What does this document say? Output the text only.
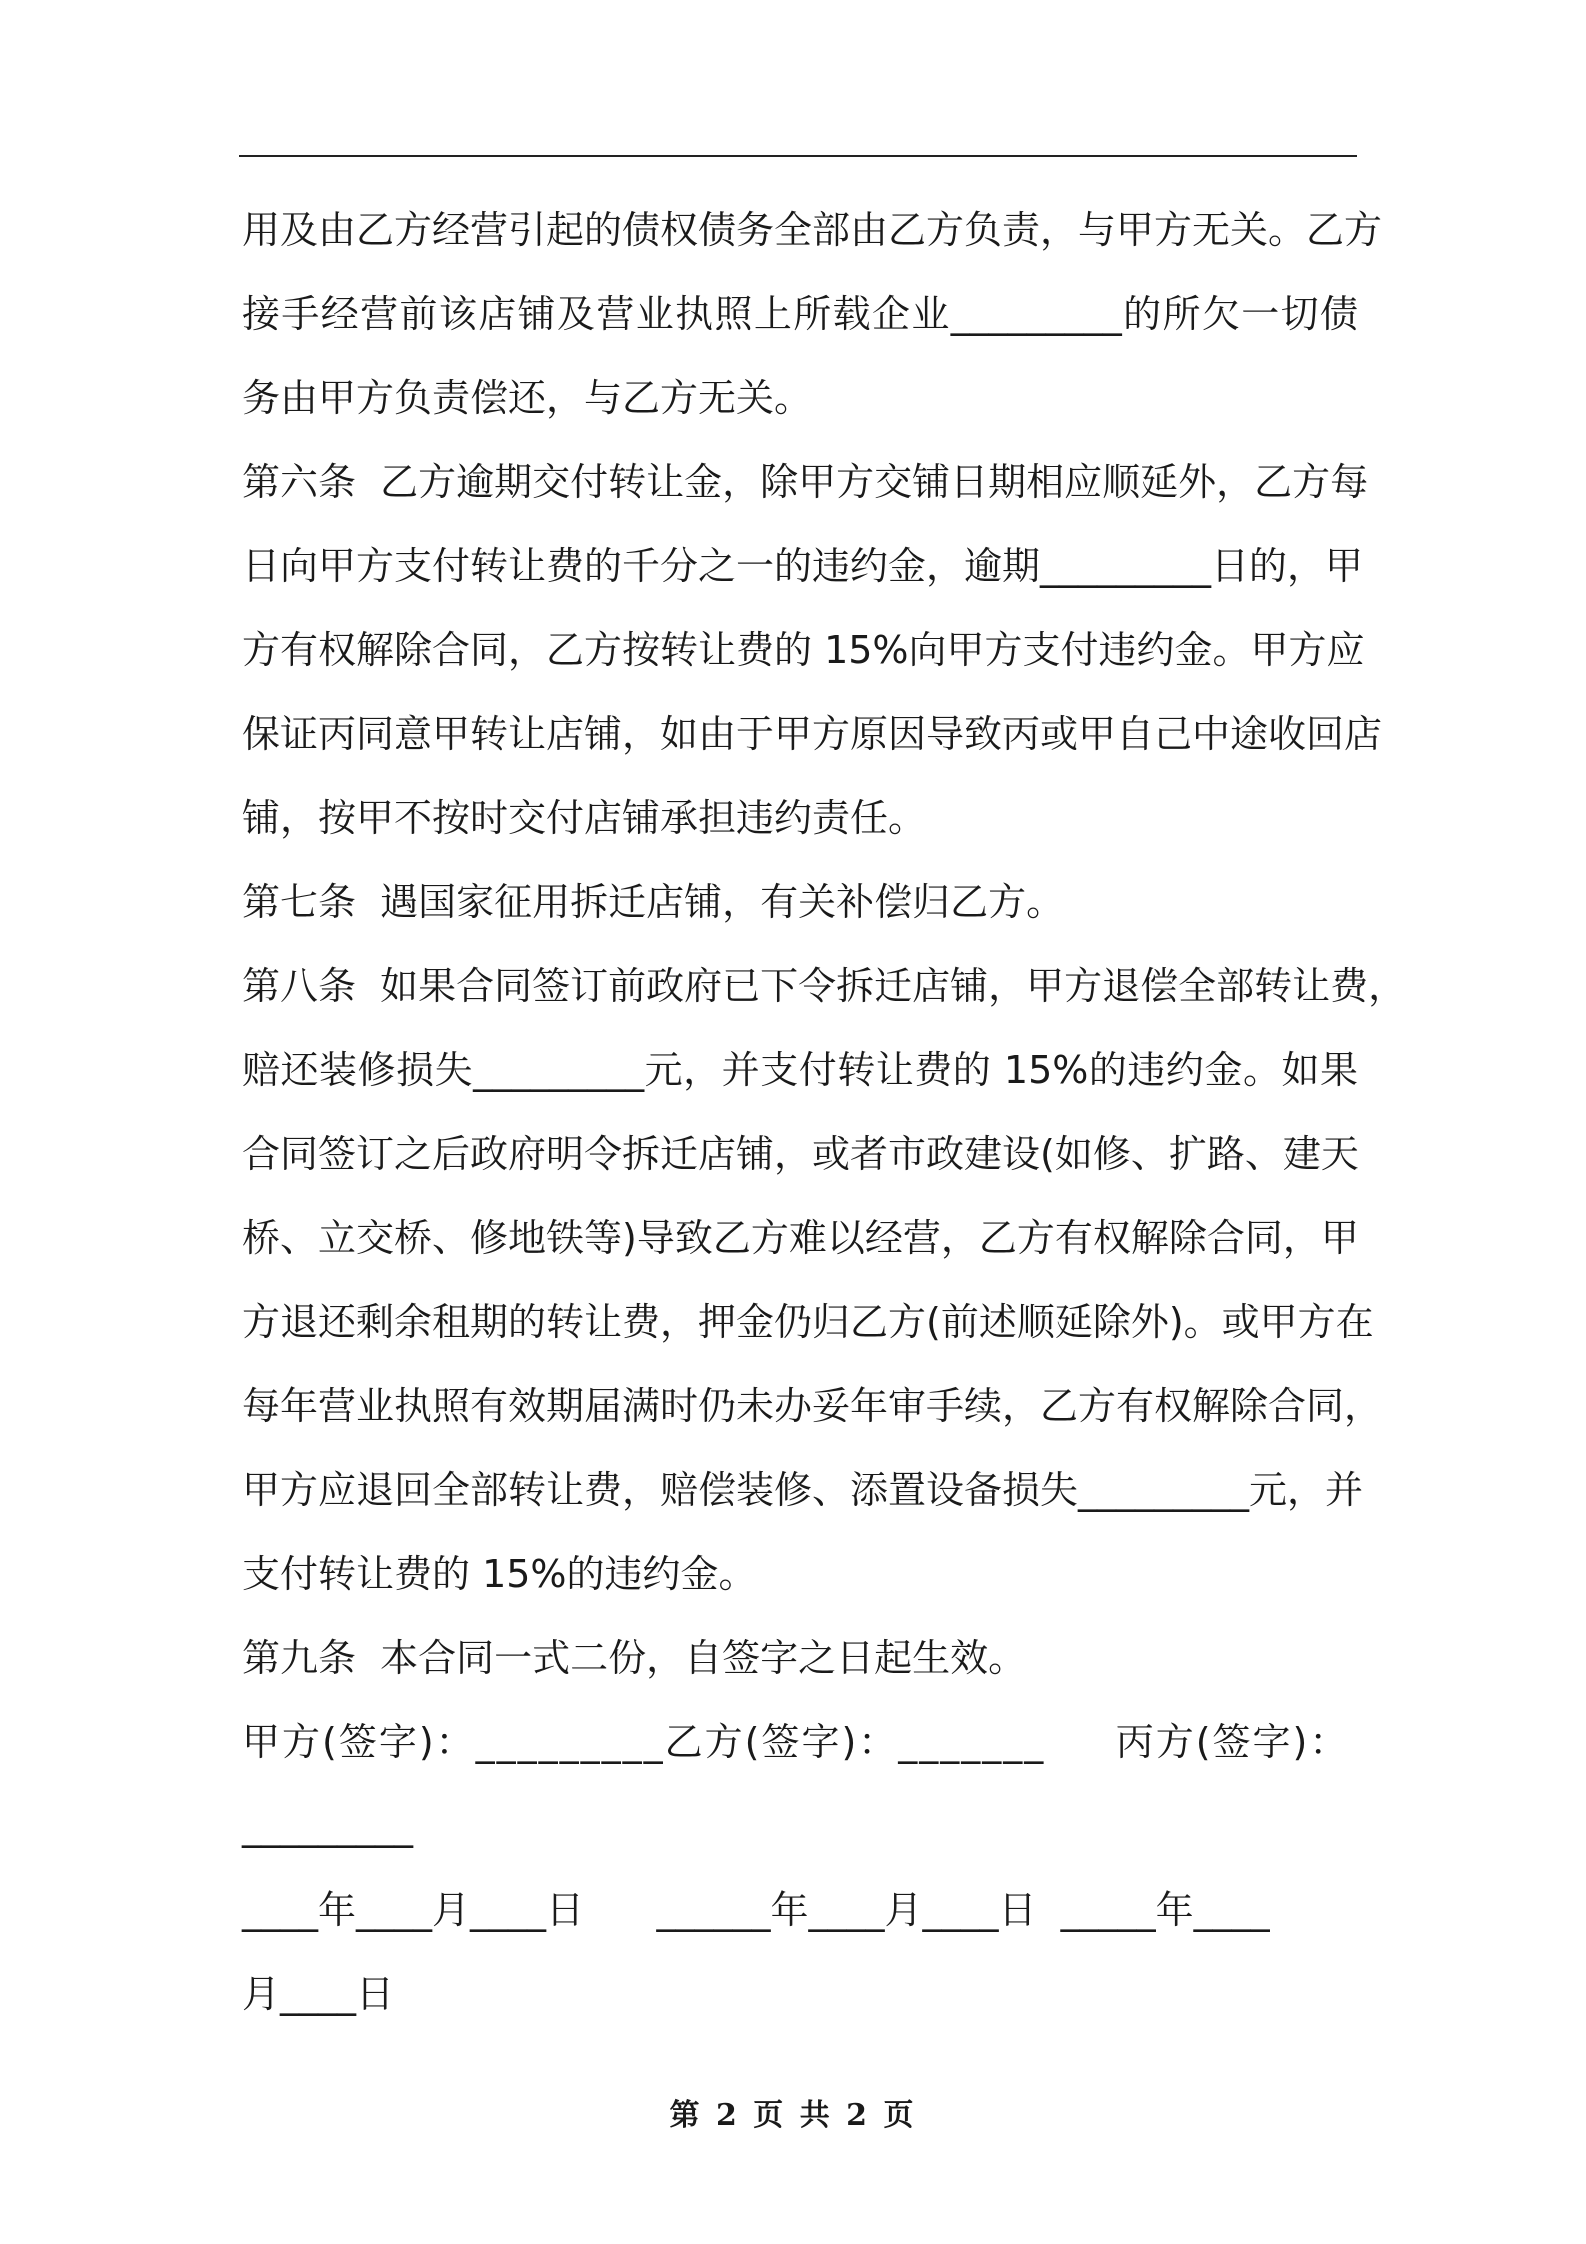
用及由乙方经营引起的债权债务全部由乙方负责，与甲方无关。乙方
接手经营前该店铺及营业执照上所载企业_________的所欠一切债
务由甲方负责偿还，与乙方无关。
第六条  乙方逾期交付转让金，除甲方交铺日期相应顺延外，乙方每
日向甲方支付转让费的千分之一的违约金，逾期_________日的，甲
方有权解除合同，乙方按转让费的 15%向甲方支付违约金。甲方应
保证丙同意甲转让店铺，如由于甲方原因导致丙或甲自己中途收回店
铺，按甲不按时交付店铺承担违约责任。
第七条  遇国家征用拆迁店铺，有关补偿归乙方。
第八条  如果合同签订前政府已下令拆迁店铺，甲方退偿全部转让费，
赔还装修损失_________元，并支付转让费的 15%的违约金。如果
合同签订之后政府明令拆迁店铺，或者市政建设(如修、扩路、建天
桥、立交桥、修地铁等)导致乙方难以经营，乙方有权解除合同，甲
方退还剩余租期的转让费，押金仍归乙方(前述顺延除外)。或甲方在
每年营业执照有效期届满时仍未办妥年审手续，乙方有权解除合同，
甲方应退回全部转让费，赔偿装修、添置设备损失_________元，并
支付转让费的 15%的违约金。
第九条  本合同一式二份，自签字之日起生效。
甲方(签字)：_________乙方(签字)：_______     丙方(签字)：
_________
____年____月____日      ______年____月____日  _____年____
月____日
第 2 页 共 2 页
